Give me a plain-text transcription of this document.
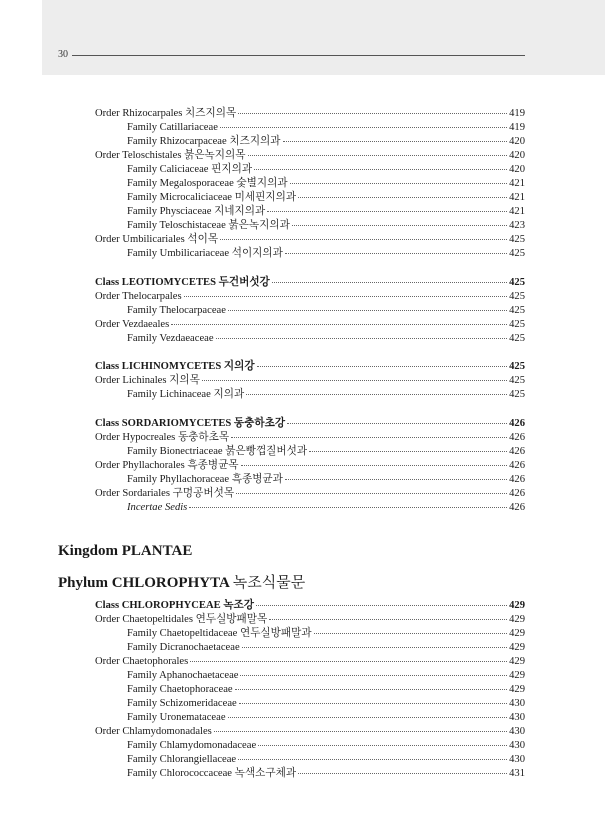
30
Order Rhizocarpales 치즈지의목	419
Family Catillariaceae	419
Family Rhizocarpaceae 치즈지의과	420
Order Teloschistales 붉은녹지의목	420
Family Caliciaceae 핀지의과	420
Family Megalosporaceae 숯별지의과	421
Family Microcaliciaceae 미세핀지의과	421
Family Physciaceae 지네지의과	421
Family Teloschistaceae 붉은녹지의과	423
Order Umbilicariales 석이목	425
Family Umbilicariaceae 석이지의과	425
Class LEOTIOMYCETES 두건버섯강	425
Order Thelocarpales	425
Family Thelocarpaceae	425
Order Vezdaeales	425
Family Vezdaeaceae	425
Class LICHINOMYCETES 지의강	425
Order Lichinales 지의목	425
Family Lichinaceae 지의과	425
Class SORDARIOMYCETES 동충하초강	426
Order Hypocreales 동충하초목	426
Family Bionectriaceae 붉은빵껍질버섯과	426
Order Phyllachorales 흑종병균목	426
Family Phyllachoraceae 흑종병균과	426
Order Sordariales 구멍공버섯목	426
Incertae Sedis	426
Kingdom PLANTAE
Phylum CHLOROPHYTA 녹조식물문
Class CHLOROPHYCEAE 녹조강	429
Order Chaetopeltidales 연두실방패말목	429
Family Chaetopeltidaceae 연두실방패말과	429
Family Dicranochaetaceae	429
Order Chaetophorales	429
Family Aphanochaetaceae	429
Family Chaetophoraceae	429
Family Schizomeridaceae	430
Family Uronemataceae	430
Order Chlamydomonadales	430
Family Chlamydomonadaceae	430
Family Chlorangiellaceae	430
Family Chlorococcaceae 녹색소구체과	431
